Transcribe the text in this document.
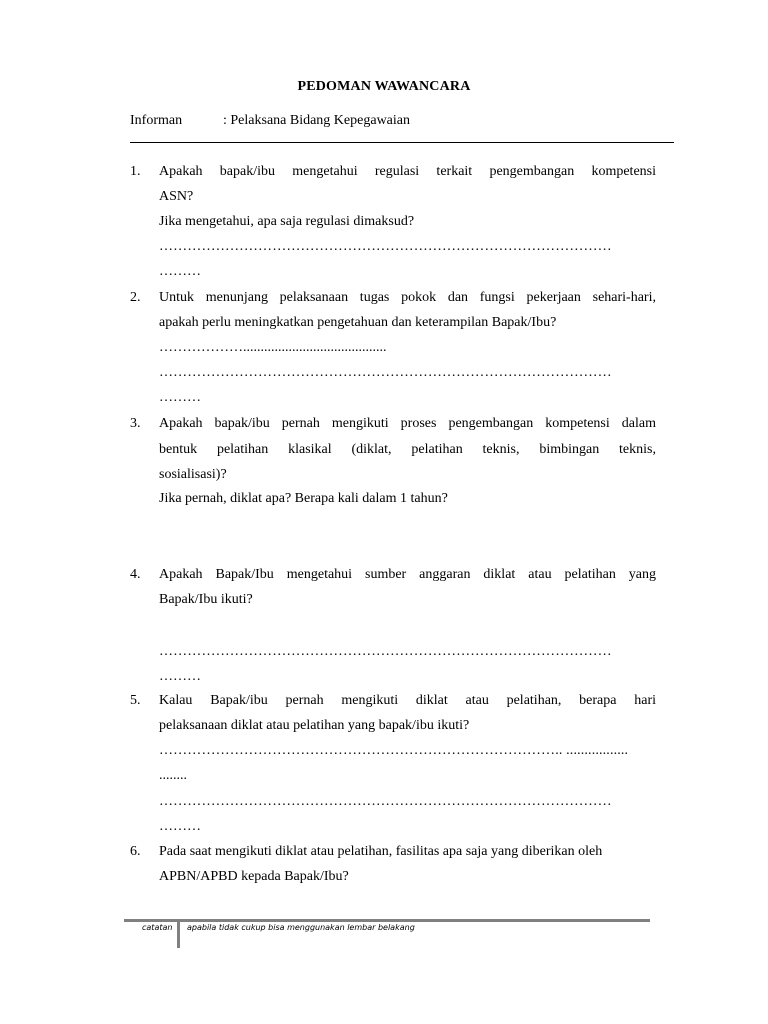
PEDOMAN WAWANCARA
Informan	: Pelaksana Bidang Kepegawaian
1. Apakah bapak/ibu mengetahui regulasi terkait pengembangan kompetensi
ASN?
Jika mengetahui, apa saja regulasi dimaksud?
……………………………………………………………………………………
………
2. Untuk menunjang pelaksanaan tugas pokok dan fungsi pekerjaan sehari-hari,
apakah perlu meningkatkan pengetahuan dan keterampilan Bapak/Ibu?
……………….........................................
……………………………………………………………………………………
………
3. Apakah bapak/ibu pernah mengikuti proses pengembangan kompetensi dalam
bentuk pelatihan klasikal (diklat, pelatihan teknis, bimbingan teknis,
sosialisasi)?
Jika pernah, diklat apa? Berapa kali dalam 1 tahun?
4. Apakah Bapak/Ibu mengetahui sumber anggaran diklat atau pelatihan yang
Bapak/Ibu ikuti?
……………………………………………………………………………………
………
5. Kalau Bapak/ibu pernah mengikuti diklat atau pelatihan, berapa hari
pelaksanaan diklat atau pelatihan yang bapak/ibu ikuti?
………………………………………………………………………….. .................
........
……………………………………………………………………………………
………
6. Pada saat mengikuti diklat atau pelatihan, fasilitas apa saja yang diberikan oleh
APBN/APBD kepada Bapak/Ibu?
catatan apabila tidak cukup bisa menggunakan lembar belakang
